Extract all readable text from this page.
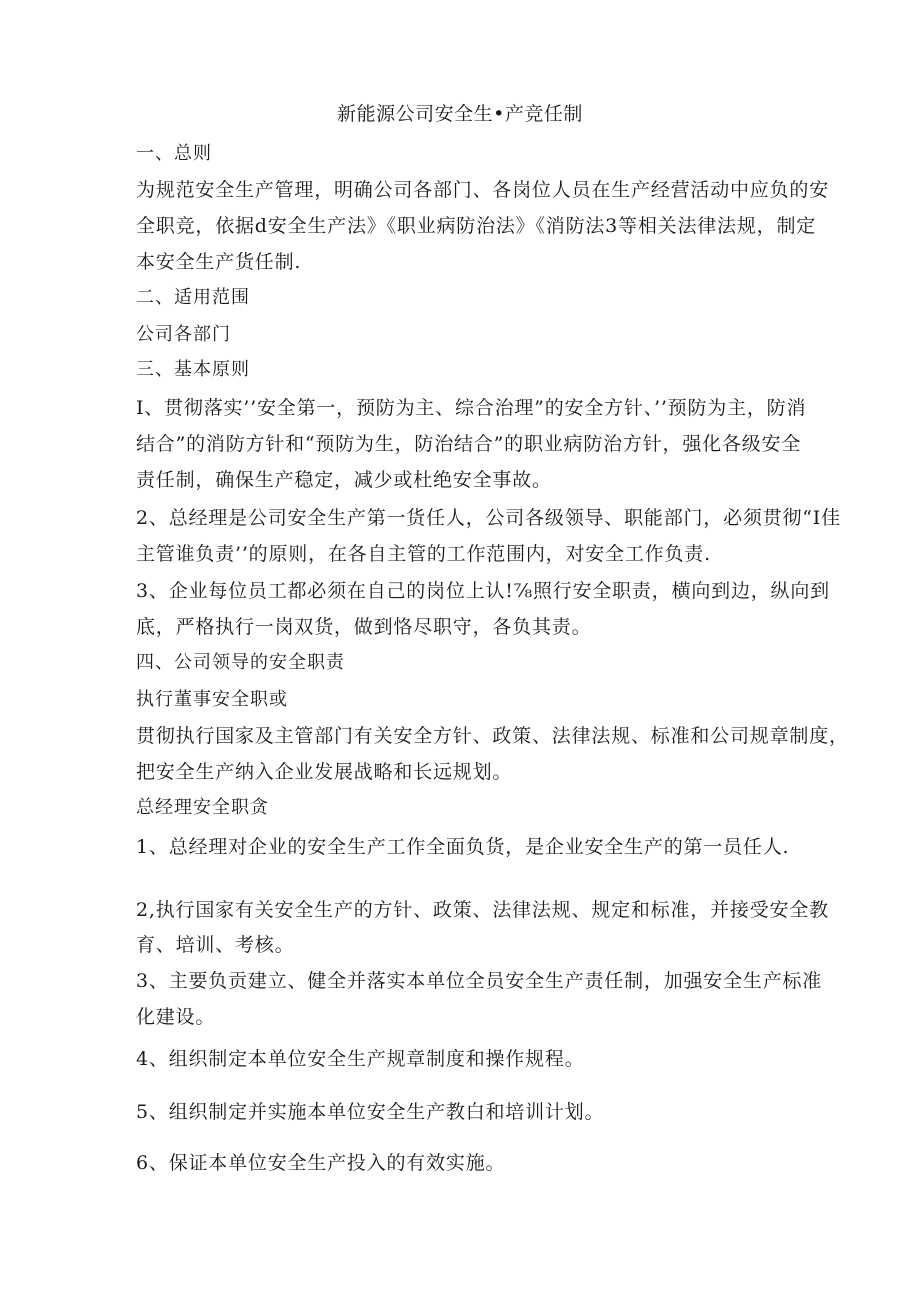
新能源公司安全生•产竞任制
一、总则
为规范安全生产管理，明确公司各部门、各岗位人员在生产经营活动中应负的安
全职竞，依据d安全生产法》《职业病防治法》《消防法3等相关法律法规，制定
本安全生产货任制.
二、适用范围
公司各部门
三、基本原则
I、贯彻落实’’安全第一，预防为主、综合治理”的安全方针、’’预防为主，防消
结合”的消防方针和“预防为生，防治结合”的职业病防治方针，强化各级安全
责任制，确保生产稳定，减少或杜绝安全事故。
2、总经理是公司安全生产第一货任人，公司各级领导、职能部门，必须贯彻“I佳
主管谁负责’’的原则，在各自主管的工作范围内，对安全工作负责.
3、企业每位员工都必须在自己的岗位上认!⅞照行安全职责，横向到边，纵向到
底，严格执行一岗双货，做到恪尽职守，各负其责。
四、公司领导的安全职责
执行董事安全职或
贯彻执行国家及主管部门有关安全方针、政策、法律法规、标准和公司规章制度，
把安全生产纳入企业发展战略和长远规划。
总经理安全职贪
1、总经理对企业的安全生产工作全面负货，是企业安全生产的第一员任人.
2,执行国家有关安全生产的方针、政策、法律法规、规定和标准，并接受安全教
育、培训、考核。
3、主要负贡建立、健全并落实本单位全员安全生产责任制，加强安全生产标准
化建设。
4、组织制定本单位安全生产规章制度和操作规程。
5、组织制定并实施本单位安全生产教白和培训计划。
6、保证本单位安全生产投入的有效实施。
